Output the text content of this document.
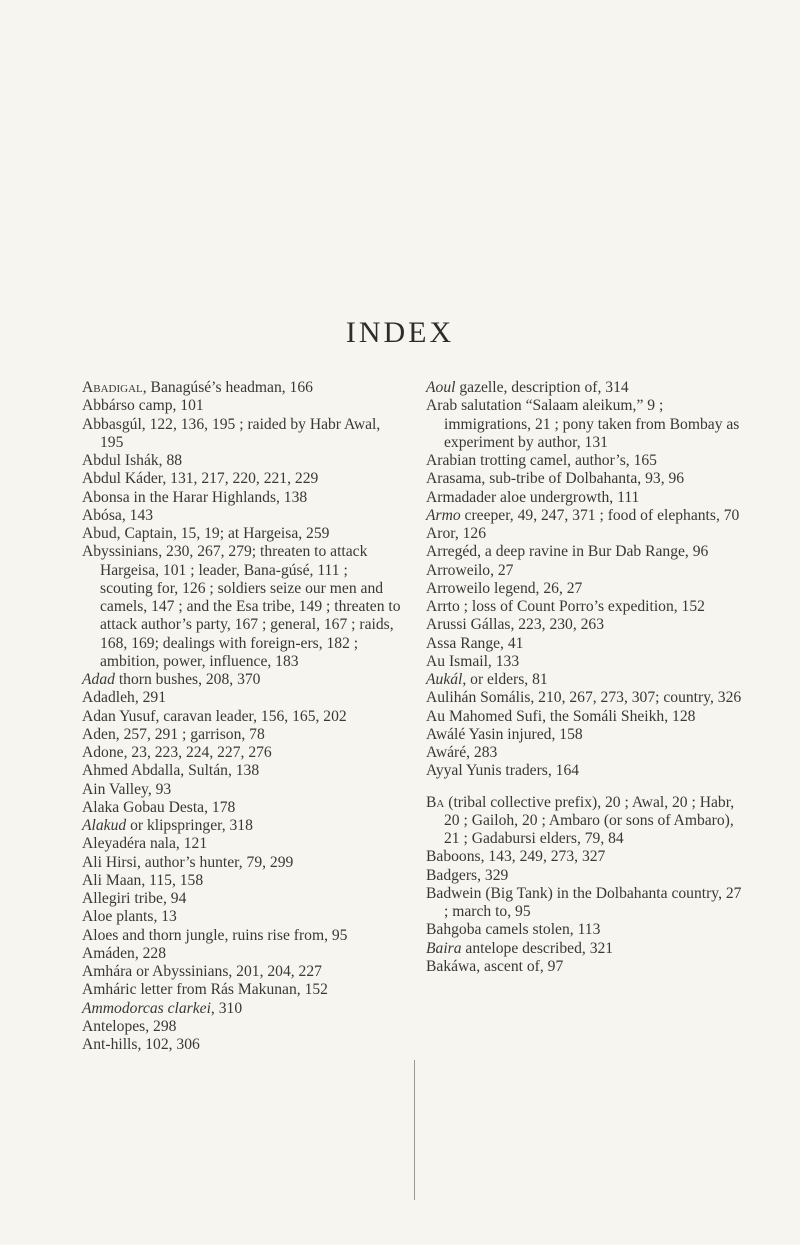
INDEX

Abadigal, Banagúsé’s headman, 166

Abbárso camp, 101

Abbasgúl, 122, 136, 195 ; raided by Habr Awal, 195

Abdul Ishák, 88

Abdul Káder, 131, 217, 220, 221, 229

Abonsa in the Harar Highlands, 138

Abósa, 143

Abud, Captain, 15, 19; at Hargeisa, 259

Abyssinians, 230, 267, 279; threaten to attack Hargeisa, 101 ; leader, Bana-gúsé, 111 ; scouting for, 126 ; soldiers seize our men and camels, 147 ; and the Esa tribe, 149 ; threaten to attack author’s party, 167 ; general, 167 ; raids, 168, 169; dealings with foreign-ers, 182 ; ambition, power, influence, 183

Adad thorn bushes, 208, 370

Adadleh, 291

Adan Yusuf, caravan leader, 156, 165, 202

Aden, 257, 291 ; garrison, 78

Adone, 23, 223, 224, 227, 276

Ahmed Abdalla, Sultán, 138

Ain Valley, 93

Alaka Gobau Desta, 178

Alakud or klipspringer, 318

Aleyadéra nala, 121

Ali Hirsi, author’s hunter, 79, 299

Ali Maan, 115, 158

Allegiri tribe, 94

Aloe plants, 13

Aloes and thorn jungle, ruins rise from, 95

Amáden, 228

Amhára or Abyssinians, 201, 204, 227

Amháric letter from Rás Makunan, 152

Ammodorcas clarkei, 310

Antelopes, 298

Ant-hills, 102, 306

Aoul gazelle, description of, 314

Arab salutation “Salaam aleikum,” 9 ; immigrations, 21 ; pony taken from Bombay as experiment by author, 131

Arabian trotting camel, author’s, 165

Arasama, sub-tribe of Dolbahanta, 93, 96

Armadader aloe undergrowth, 111

Armo creeper, 49, 247, 371 ; food of elephants, 70

Aror, 126

Arregéd, a deep ravine in Bur Dab Range, 96

Arroweilo, 27

Arroweilo legend, 26, 27

Arrto ; loss of Count Porro’s expedition, 152

Arussi Gállas, 223, 230, 263

Assa Range, 41

Au Ismail, 133

Aukál, or elders, 81

Aulihán Somális, 210, 267, 273, 307; country, 326

Au Mahomed Sufi, the Somáli Sheikh, 128

Awálé Yasin injured, 158

Awáré, 283

Ayyal Yunis traders, 164

Ba (tribal collective prefix), 20 ; Awal, 20 ; Habr, 20 ; Gailoh, 20 ; Ambaro (or sons of Ambaro), 21 ; Gadabursi elders, 79, 84

Baboons, 143, 249, 273, 327

Badgers, 329

Badwein (Big Tank) in the Dolbahanta country, 27 ; march to, 95

Bahgoba camels stolen, 113

Baira antelope described, 321

Bakáwa, ascent of, 97
